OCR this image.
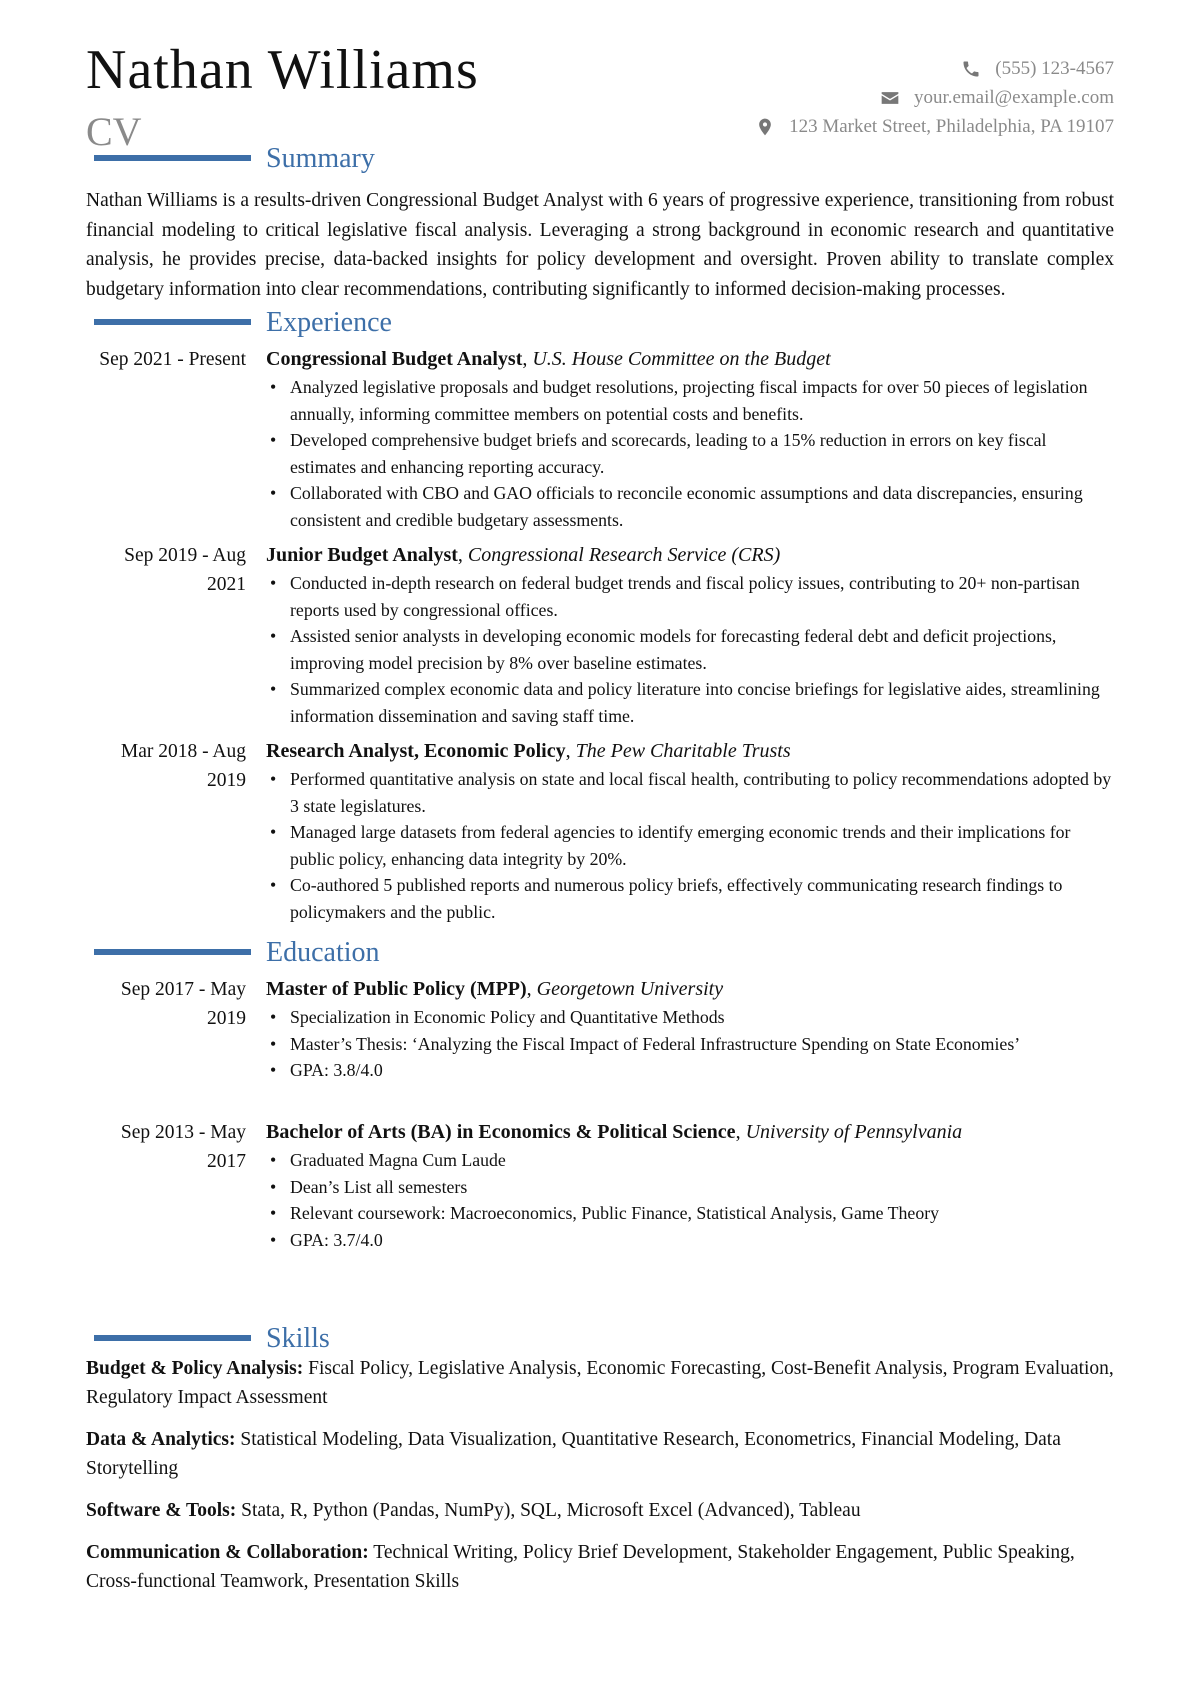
Nathan Williams
CV
(555) 123-4567
your.email@example.com
123 Market Street, Philadelphia, PA 19107
Summary
Nathan Williams is a results-driven Congressional Budget Analyst with 6 years of progressive experience, transitioning from robust financial modeling to critical legislative fiscal analysis. Leveraging a strong background in economic research and quantitative analysis, he provides precise, data-backed insights for policy development and oversight. Proven ability to translate complex budgetary information into clear recommendations, contributing significantly to informed decision-making processes.
Experience
Sep 2021 - Present Congressional Budget Analyst, U.S. House Committee on the Budget
• Analyzed legislative proposals and budget resolutions, projecting fiscal impacts for over 50 pieces of legislation annually, informing committee members on potential costs and benefits.
• Developed comprehensive budget briefs and scorecards, leading to a 15% reduction in errors on key fiscal estimates and enhancing reporting accuracy.
• Collaborated with CBO and GAO officials to reconcile economic assumptions and data discrepancies, ensuring consistent and credible budgetary assessments.
Sep 2019 - Aug 2021
Junior Budget Analyst, Congressional Research Service (CRS)
• Conducted in-depth research on federal budget trends and fiscal policy issues, contributing to 20+ non-partisan reports used by congressional offices.
• Assisted senior analysts in developing economic models for forecasting federal debt and deficit projections, improving model precision by 8% over baseline estimates.
• Summarized complex economic data and policy literature into concise briefings for legislative aides, streamlining information dissemination and saving staff time.
Mar 2018 - Aug 2019
Research Analyst, Economic Policy, The Pew Charitable Trusts
• Performed quantitative analysis on state and local fiscal health, contributing to policy recommendations adopted by 3 state legislatures.
• Managed large datasets from federal agencies to identify emerging economic trends and their implications for public policy, enhancing data integrity by 20%.
• Co-authored 5 published reports and numerous policy briefs, effectively communicating research findings to policymakers and the public.
Education
Sep 2017 - May 2019
Master of Public Policy (MPP), Georgetown University
• Specialization in Economic Policy and Quantitative Methods
• Master’s Thesis: ‘Analyzing the Fiscal Impact of Federal Infrastructure Spending on State Economies’
• GPA: 3.8/4.0
Sep 2013 - May 2017
Bachelor of Arts (BA) in Economics & Political Science, University of Pennsylvania
• Graduated Magna Cum Laude
• Dean’s List all semesters
• Relevant coursework: Macroeconomics, Public Finance, Statistical Analysis, Game Theory
• GPA: 3.7/4.0
Skills
Budget & Policy Analysis: Fiscal Policy, Legislative Analysis, Economic Forecasting, Cost-Benefit Analysis, Program Evaluation, Regulatory Impact Assessment
Data & Analytics: Statistical Modeling, Data Visualization, Quantitative Research, Econometrics, Financial Modeling, Data Storytelling
Software & Tools: Stata, R, Python (Pandas, NumPy), SQL, Microsoft Excel (Advanced), Tableau
Communication & Collaboration: Technical Writing, Policy Brief Development, Stakeholder Engagement, Public Speaking, Cross-functional Teamwork, Presentation Skills
